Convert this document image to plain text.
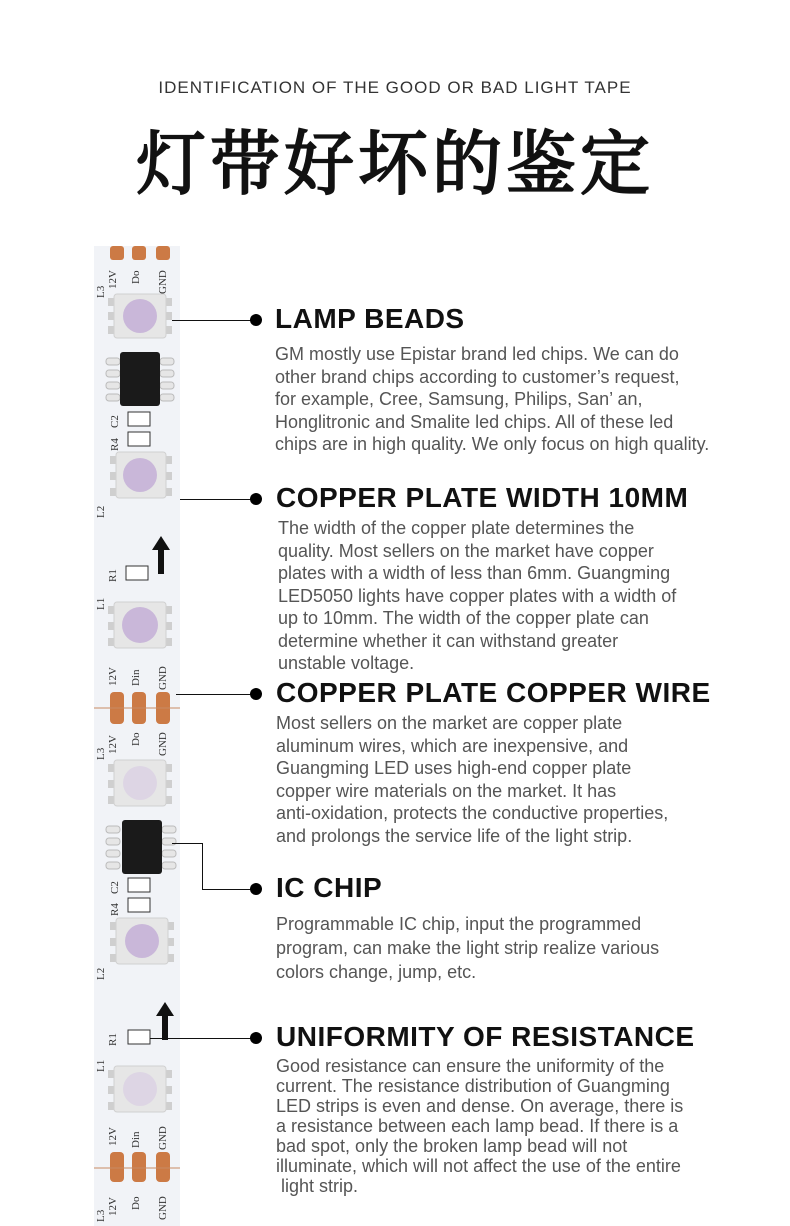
IDENTIFICATION OF THE GOOD OR BAD LIGHT TAPE
灯带好坏的鉴定
12V Do GND
L3
C2
R4
L2
R1
L1
12V Din GND
L3 12V Do GND
C2
R4
L2
R1
L1
12V Din GND
L3 12V Do GND
LAMP BEADS
GM mostly use Epistar brand led chips. We can do
other brand chips according to customer’s request,
for example, Cree, Samsung, Philips, San’ an,
Honglitronic and Smalite led chips. All of these led
chips are in high quality. We only focus on high quality.
COPPER PLATE WIDTH 10MM
The width of the copper plate determines the
quality. Most sellers on the market have copper
plates with a width of less than 6mm. Guangming
LED5050 lights have copper plates with a width of
up to 10mm. The width of the copper plate can
determine whether it can withstand greater
unstable voltage.
COPPER PLATE COPPER WIRE
Most sellers on the market are copper plate
aluminum wires, which are inexpensive, and
Guangming LED uses high-end copper plate
copper wire materials on the market. It has
anti-oxidation, protects the conductive properties,
and prolongs the service life of the light strip.
IC CHIP
Programmable IC chip, input the programmed
program, can make the light strip realize various
colors change, jump, etc.
UNIFORMITY OF RESISTANCE
Good resistance can ensure the uniformity of the
current. The resistance distribution of Guangming
LED strips is even and dense. On average, there is
a resistance between each lamp bead. If there is a
bad spot, only the broken lamp bead will not
illuminate, which will not affect the use of the entire
light strip.
